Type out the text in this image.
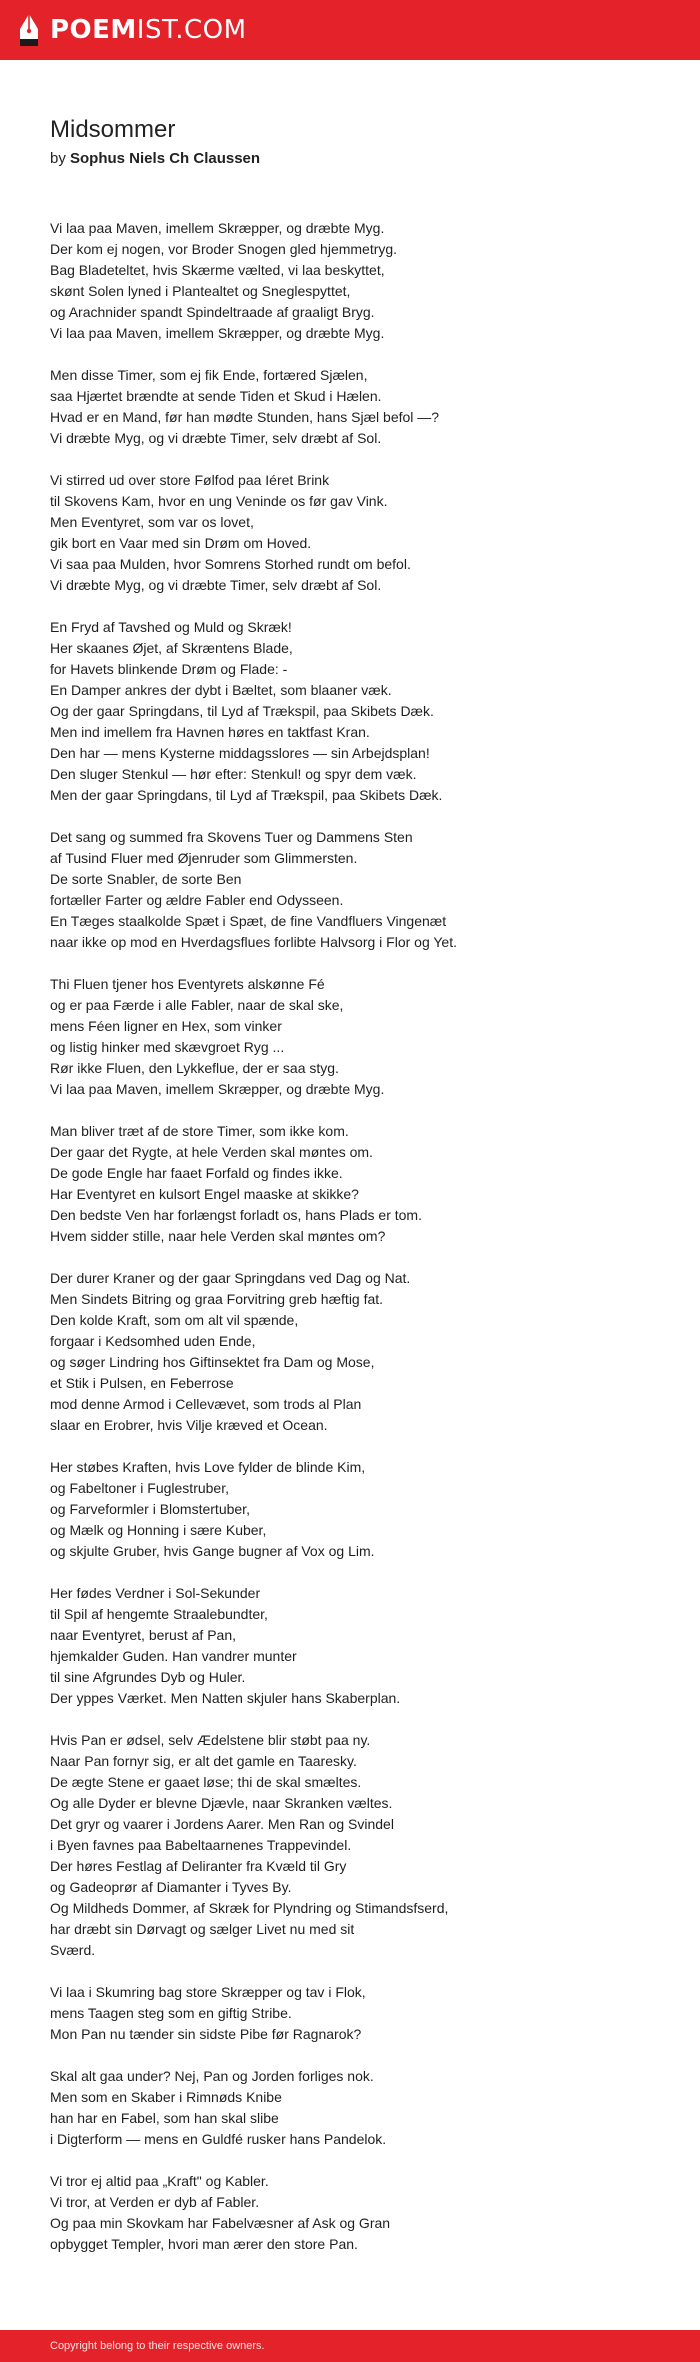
POEMIST.COM
Midsommer
by Sophus Niels Ch Claussen
Vi laa paa Maven, imellem Skræpper, og dræbte Myg.
Der kom ej nogen, vor Broder Snogen gled hjemmetryg.
Bag Bladeteltet, hvis Skærme vælted, vi laa beskyttet,
skønt Solen lyned i Plantealtet og Sneglespyttet,
og Arachnider spandt Spindeltraade af graaligt Bryg.
Vi laa paa Maven, imellem Skræpper, og dræbte Myg.
Men disse Timer, som ej fik Ende, fortæred Sjælen,
saa Hjærtet brændte at sende Tiden et Skud i Hælen.
Hvad er en Mand, før han mødte Stunden, hans Sjæl befol —?
Vi dræbte Myg, og vi dræbte Timer, selv dræbt af Sol.
Vi stirred ud over store Følfod paa Iéret Brink
til Skovens Kam, hvor en ung Veninde os før gav Vink.
Men Eventyret, som var os lovet,
gik bort en Vaar med sin Drøm om Hoved.
Vi saa paa Mulden, hvor Somrens Storhed rundt om befol.
Vi dræbte Myg, og vi dræbte Timer, selv dræbt af Sol.
En Fryd af Tavshed og Muld og Skræk!
Her skaanes Øjet, af Skræntens Blade,
for Havets blinkende Drøm og Flade: -
En Damper ankres der dybt i Bæltet, som blaaner væk.
Og der gaar Springdans, til Lyd af Trækspil, paa Skibets Dæk.
Men ind imellem fra Havnen høres en taktfast Kran.
Den har — mens Kysterne middagsslores — sin Arbejdsplan!
Den sluger Stenkul — hør efter: Stenkul! og spyr dem væk.
Men der gaar Springdans, til Lyd af Trækspil, paa Skibets Dæk.
Det sang og summed fra Skovens Tuer og Dammens Sten
af Tusind Fluer med Øjenruder som Glimmersten.
De sorte Snabler, de sorte Ben
fortæller Farter og ældre Fabler end Odysseen.
En Tæges staalkolde Spæt i Spæt, de fine Vandfluers Vingenæt
naar ikke op mod en Hverdagsflues forlibte Halvsorg i Flor og Yet.
Thi Fluen tjener hos Eventyrets alskønne Fé
og er paa Færde i alle Fabler, naar de skal ske,
mens Féen ligner en Hex, som vinker
og listig hinker med skævgroet Ryg ...
Rør ikke Fluen, den Lykkeflue, der er saa styg.
Vi laa paa Maven, imellem Skræpper, og dræbte Myg.
Man bliver træt af de store Timer, som ikke kom.
Der gaar det Rygte, at hele Verden skal møntes om.
De gode Engle har faaet Forfald og findes ikke.
Har Eventyret en kulsort Engel maaske at skikke?
Den bedste Ven har forlængst forladt os, hans Plads er tom.
Hvem sidder stille, naar hele Verden skal møntes om?
Der durer Kraner og der gaar Springdans ved Dag og Nat.
Men Sindets Bitring og graa Forvitring greb hæftig fat.
Den kolde Kraft, som om alt vil spænde,
forgaar i Kedsomhed uden Ende,
og søger Lindring hos Giftinsektet fra Dam og Mose,
et Stik i Pulsen, en Feberrose
mod denne Armod i Cellevævet, som trods al Plan
slaar en Erobrer, hvis Vilje kræved et Ocean.
Her støbes Kraften, hvis Love fylder de blinde Kim,
og Fabeltoner i Fuglestruber,
og Farveformler i Blomstertuber,
og Mælk og Honning i sære Kuber,
og skjulte Gruber, hvis Gange bugner af Vox og Lim.
Her fødes Verdner i Sol-Sekunder
til Spil af hengemte Straalebundter,
naar Eventyret, berust af Pan,
hjemkalder Guden. Han vandrer munter
til sine Afgrundes Dyb og Huler.
Der yppes Værket. Men Natten skjuler hans Skaberplan.
Hvis Pan er ødsel, selv Ædelstene blir støbt paa ny.
Naar Pan fornyr sig, er alt det gamle en Taaresky.
De ægte Stene er gaaet løse; thi de skal smæltes.
Og alle Dyder er blevne Djævle, naar Skranken væltes.
Det gryr og vaarer i Jordens Aarer. Men Ran og Svindel
i Byen favnes paa Babeltaarnenes Trappevindel.
Der høres Festlag af Deliranter fra Kvæld til Gry
og Gadeoprør af Diamanter i Tyves By.
Og Mildheds Dommer, af Skræk for Plyndring og Stimandsfserd,
har dræbt sin Dørvagt og sælger Livet nu med sit
Sværd.
Vi laa i Skumring bag store Skræpper og tav i Flok,
mens Taagen steg som en giftig Stribe.
Mon Pan nu tænder sin sidste Pibe før Ragnarok?
Skal alt gaa under? Nej, Pan og Jorden forliges nok.
Men som en Skaber i Rimnøds Knibe
han har en Fabel, som han skal slibe
i Digterform — mens en Guldfé rusker hans Pandelok.
Vi tror ej altid paa „Kraft" og Kabler.
Vi tror, at Verden er dyb af Fabler.
Og paa min Skovkam har Fabelvæsner af Ask og Gran
opbygget Templer, hvori man ærer den store Pan.
Copyright belong to their respective owners.
